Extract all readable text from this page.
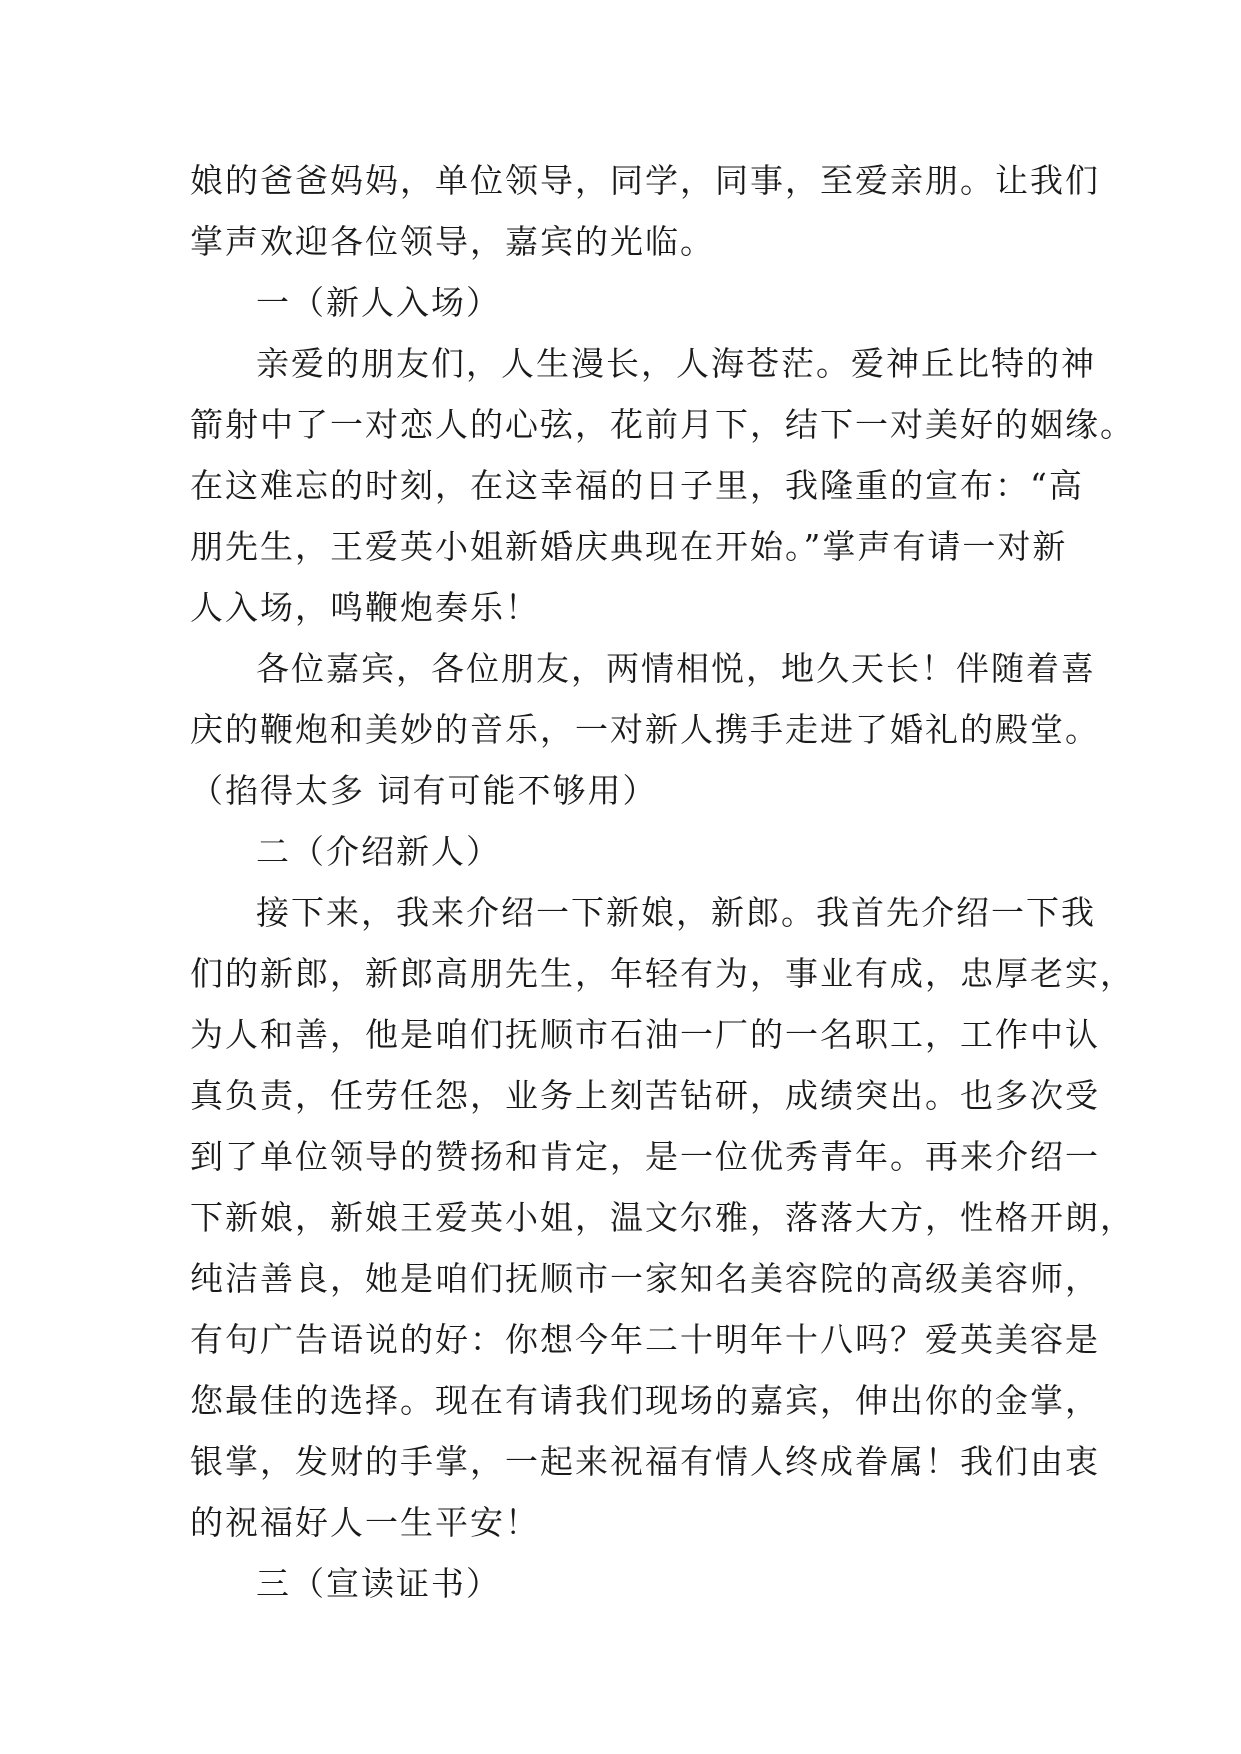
娘的爸爸妈妈，单位领导，同学，同事，至爱亲朋。让我们
掌声欢迎各位领导，嘉宾的光临。
一（新人入场）
亲爱的朋友们，人生漫长，人海苍茫。爱神丘比特的神
箭射中了一对恋人的心弦，花前月下，结下一对美好的姻缘。
在这难忘的时刻，在这幸福的日子里，我隆重的宣布：“高
朋先生，王爱英小姐新婚庆典现在开始。”掌声有请一对新
人入场，鸣鞭炮奏乐！
各位嘉宾，各位朋友，两情相悦，地久天长！伴随着喜
庆的鞭炮和美妙的音乐，一对新人携手走进了婚礼的殿堂。
（掐得太多 词有可能不够用）
二（介绍新人）
接下来，我来介绍一下新娘，新郎。我首先介绍一下我
们的新郎，新郎高朋先生，年轻有为，事业有成，忠厚老实，
为人和善，他是咱们抚顺市石油一厂的一名职工，工作中认
真负责，任劳任怨，业务上刻苦钻研，成绩突出。也多次受
到了单位领导的赞扬和肯定，是一位优秀青年。再来介绍一
下新娘，新娘王爱英小姐，温文尔雅，落落大方，性格开朗，
纯洁善良，她是咱们抚顺市一家知名美容院的高级美容师，
有句广告语说的好：你想今年二十明年十八吗？爱英美容是
您最佳的选择。现在有请我们现场的嘉宾，伸出你的金掌，
银掌，发财的手掌，一起来祝福有情人终成眷属！我们由衷
的祝福好人一生平安！
三（宣读证书）
